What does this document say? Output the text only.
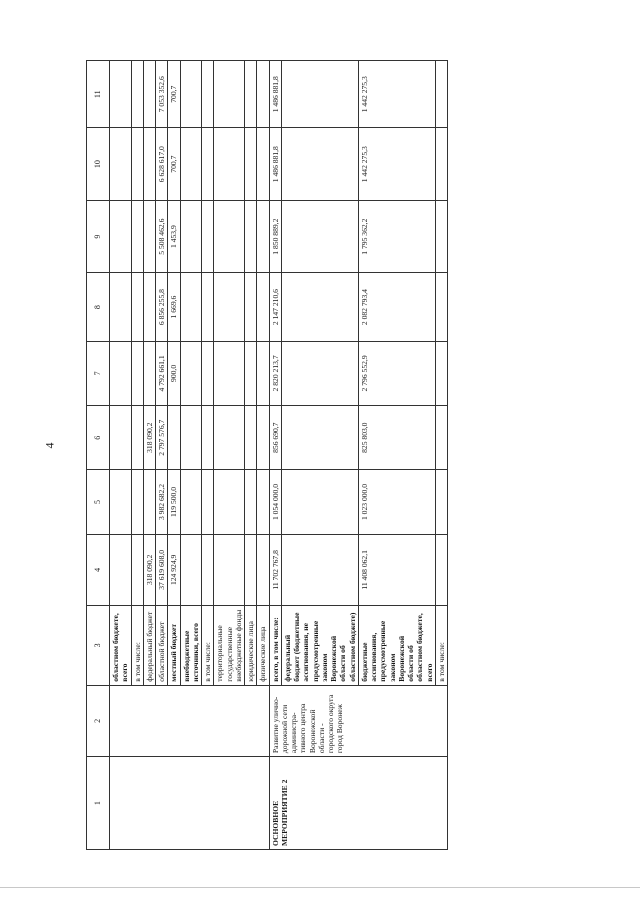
4
1	2	3	4	5	6	7	8	9	10	11
		областном бюджете, всего								
		в том числе:								
		федеральный бюджет	318 090,2		318 090,2					
		областной бюджет	37 619 608,0	3 982 682,2	2 797 576,7	4 792 661,1	6 856 255,8	5 508 462,6	6 628 617,0	7 053 352,6
		местный бюджет	124 924,9	119 500,0		900,0	1 669,6	1 453,9	700,7	700,7
		внебюджетные источники, всего								
		в том числе:								
		территориальные государственные внебюджетные фонды								
		юридические лица								
		физические лица								
ОСНОВНОЕ МЕРОПРИЯТИЕ 2	Развитие улично-дорожной сети администра-тивного центра Воронежской области - городского округа город Воронеж	всего, в том числе:	11 702 767,8	1 054 000,0	856 690,7	2 820 213,7	2 147 210,6	1 850 889,2	1 486 881,8	1 486 881,8
		федеральный бюджет (бюджетные ассигнования, не предусмотренные законом Воронежской области об областном бюджете)								
		бюджетные ассигнования, предусмотренные законом Воронежской области об областном бюджете, всего	11 408 062,1	1 023 000,0	825 803,0	2 796 552,9	2 082 793,4	1 795 362,2	1 442 275,3	1 442 275,3
		в том числе:								
